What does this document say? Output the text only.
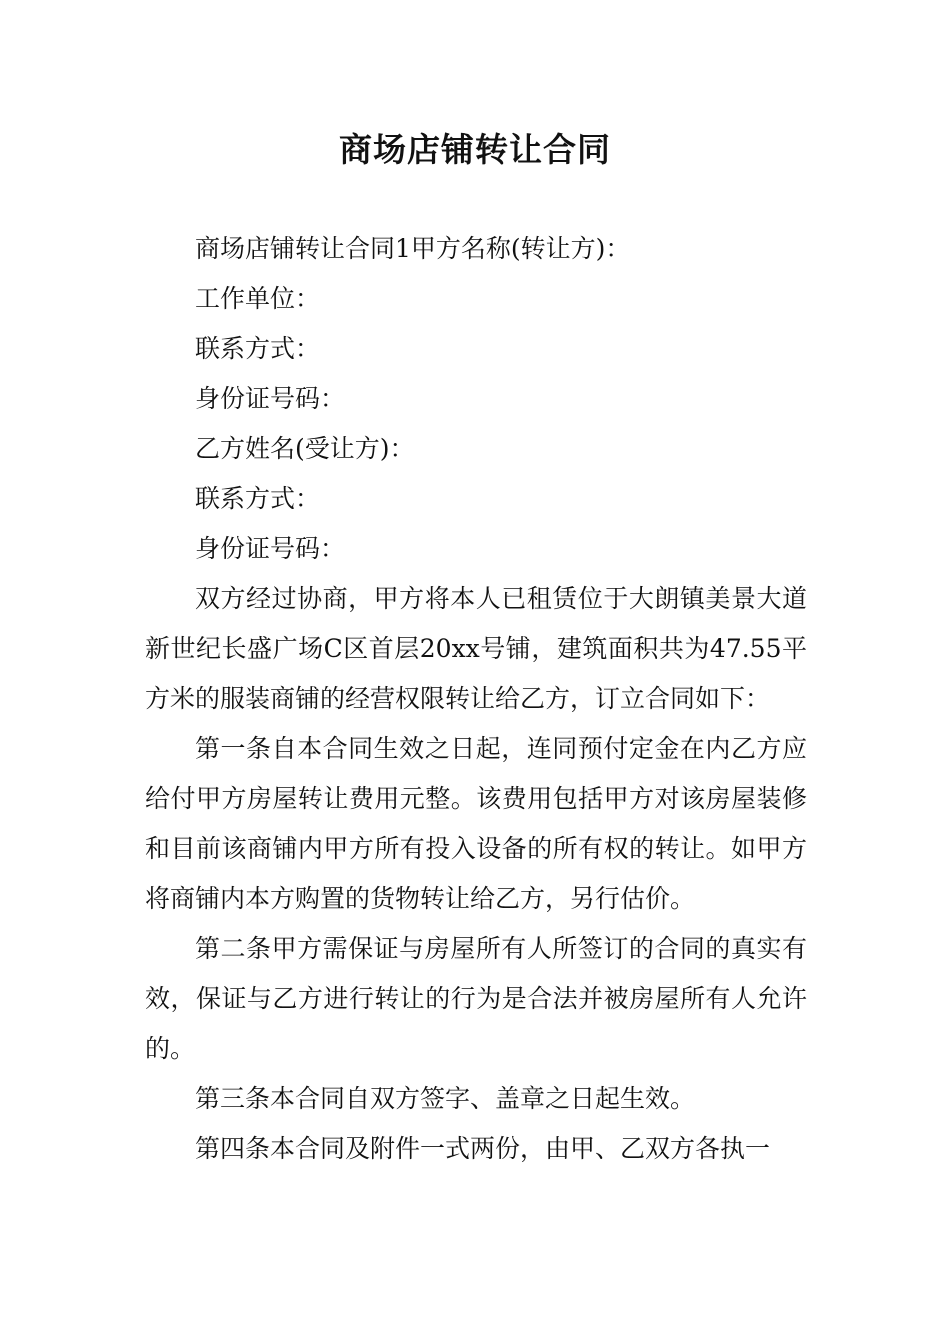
商场店铺转让合同

商场店铺转让合同1甲方名称(转让方)：

工作单位：

联系方式：

身份证号码：

乙方姓名(受让方)：

联系方式：

身份证号码：

双方经过协商，甲方将本人已租赁位于大朗镇美景大道新世纪长盛广场C区首层20xx号铺，建筑面积共为47.55平方米的服装商铺的经营权限转让给乙方，订立合同如下：

第一条自本合同生效之日起，连同预付定金在内乙方应给付甲方房屋转让费用元整。该费用包括甲方对该房屋装修和目前该商铺内甲方所有投入设备的所有权的转让。如甲方将商铺内本方购置的货物转让给乙方，另行估价。

第二条甲方需保证与房屋所有人所签订的合同的真实有效，保证与乙方进行转让的行为是合法并被房屋所有人允许的。

第三条本合同自双方签字、盖章之日起生效。

第四条本合同及附件一式两份，由甲、乙双方各执一
